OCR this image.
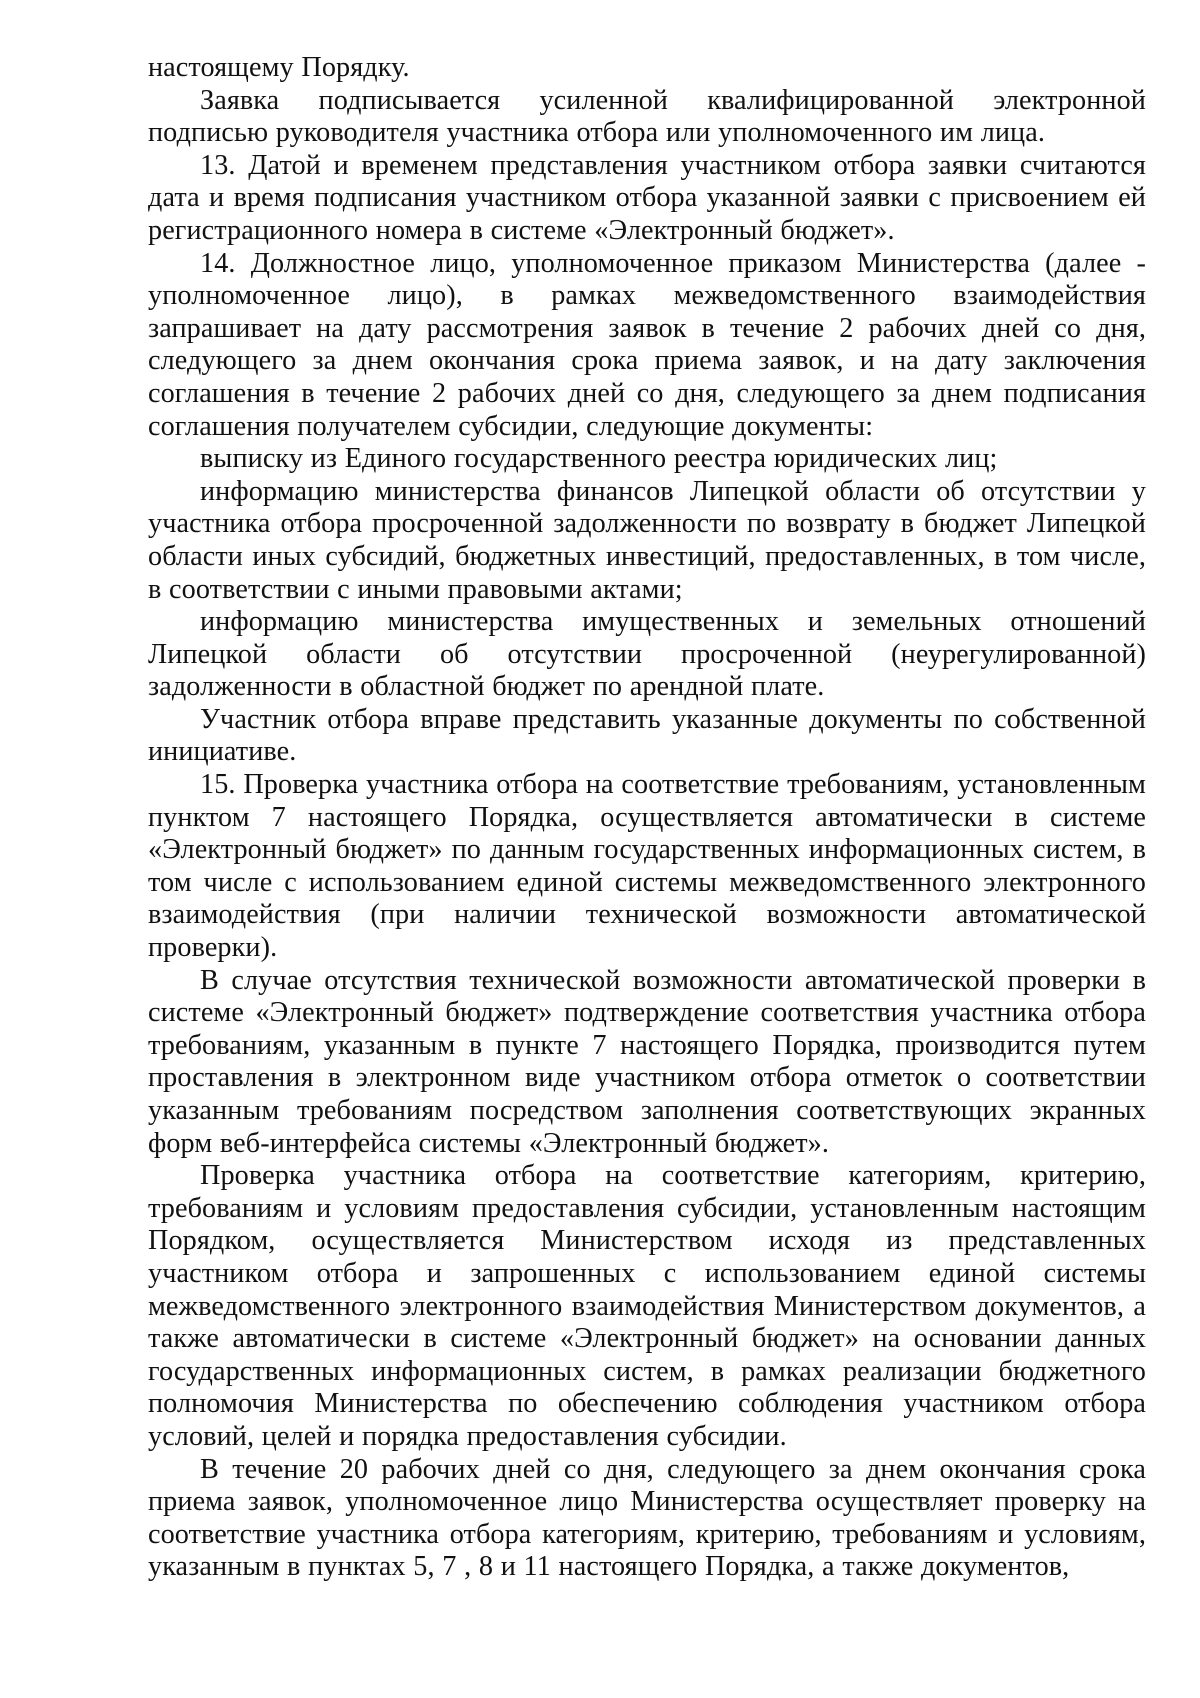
настоящему Порядку.

Заявка подписывается усиленной квалифицированной электронной подписью руководителя участника отбора или уполномоченного им лица.

13. Датой и временем представления участником отбора заявки считаются дата и время подписания участником отбора указанной заявки с присвоением ей регистрационного номера в системе «Электронный бюджет».

14. Должностное лицо, уполномоченное приказом Министерства (далее - уполномоченное лицо), в рамках межведомственного взаимодействия запрашивает на дату рассмотрения заявок в течение 2 рабочих дней со дня, следующего за днем окончания срока приема заявок, и на дату заключения соглашения в течение 2 рабочих дней со дня, следующего за днем подписания соглашения получателем субсидии, следующие документы:

выписку из Единого государственного реестра юридических лиц;

информацию министерства финансов Липецкой области об отсутствии у участника отбора просроченной задолженности по возврату в бюджет Липецкой области иных субсидий, бюджетных инвестиций, предоставленных, в том числе, в соответствии с иными правовыми актами;

информацию министерства имущественных и земельных отношений Липецкой области об отсутствии просроченной (неурегулированной) задолженности в областной бюджет по арендной плате.

Участник отбора вправе представить указанные документы по собственной инициативе.

15. Проверка участника отбора на соответствие требованиям, установленным пунктом 7 настоящего Порядка, осуществляется автоматически в системе «Электронный бюджет» по данным государственных информационных систем, в том числе с использованием единой системы межведомственного электронного взаимодействия (при наличии технической возможности автоматической проверки).

В случае отсутствия технической возможности автоматической проверки в системе «Электронный бюджет» подтверждение соответствия участника отбора требованиям, указанным в пункте 7 настоящего Порядка, производится путем проставления в электронном виде участником отбора отметок о соответствии указанным требованиям посредством заполнения соответствующих экранных форм веб-интерфейса системы «Электронный бюджет».

Проверка участника отбора на соответствие категориям, критерию, требованиям и условиям предоставления субсидии, установленным настоящим Порядком, осуществляется Министерством исходя из представленных участником отбора и запрошенных с использованием единой системы межведомственного электронного взаимодействия Министерством документов, а также автоматически в системе «Электронный бюджет» на основании данных государственных информационных систем, в рамках реализации бюджетного полномочия Министерства по обеспечению соблюдения участником отбора условий, целей и порядка предоставления субсидии.

В течение 20 рабочих дней со дня, следующего за днем окончания срока приема заявок, уполномоченное лицо Министерства осуществляет проверку на соответствие участника отбора категориям, критерию, требованиям и условиям, указанным в пунктах 5, 7 , 8 и 11 настоящего Порядка, а также документов,
